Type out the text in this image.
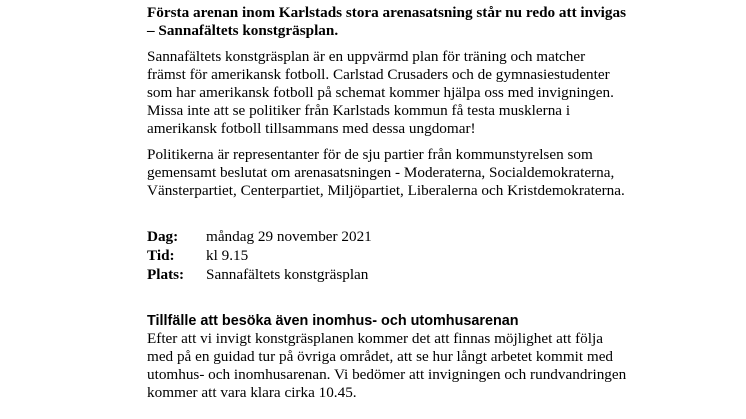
Första arenan inom Karlstads stora arenasatsning står nu redo att invigas – Sannafältets konstgräsplan.

Sannafältets konstgräsplan är en uppvärmd plan för träning och matcher främst för amerikansk fotboll. Carlstad Crusaders och de gymnasiestudenter som har amerikansk fotboll på schemat kommer hjälpa oss med invigningen. Missa inte att se politiker från Karlstads kommun få testa musklerna i amerikansk fotboll tillsammans med dessa ungdomar!

Politikerna är representanter för de sju partier från kommunstyrelsen som gemensamt beslutat om arenasatsningen - Moderaterna, Socialdemokraterna, Vänsterpartiet, Centerpartiet, Miljöpartiet, Liberalerna och Kristdemokraterna.

Dag:	måndag 29 november 2021
Tid:	kl 9.15
Plats:	Sannafältets konstgräsplan

Tillfälle att besöka även inomhus- och utomhusarenan

Efter att vi invigt konstgräsplanen kommer det att finnas möjlighet att följa med på en guidad tur på övriga området, att se hur långt arbetet kommit med utomhus- och inomhusarenan. Vi bedömer att invigningen och rundvandringen kommer att vara klara cirka 10.45.
